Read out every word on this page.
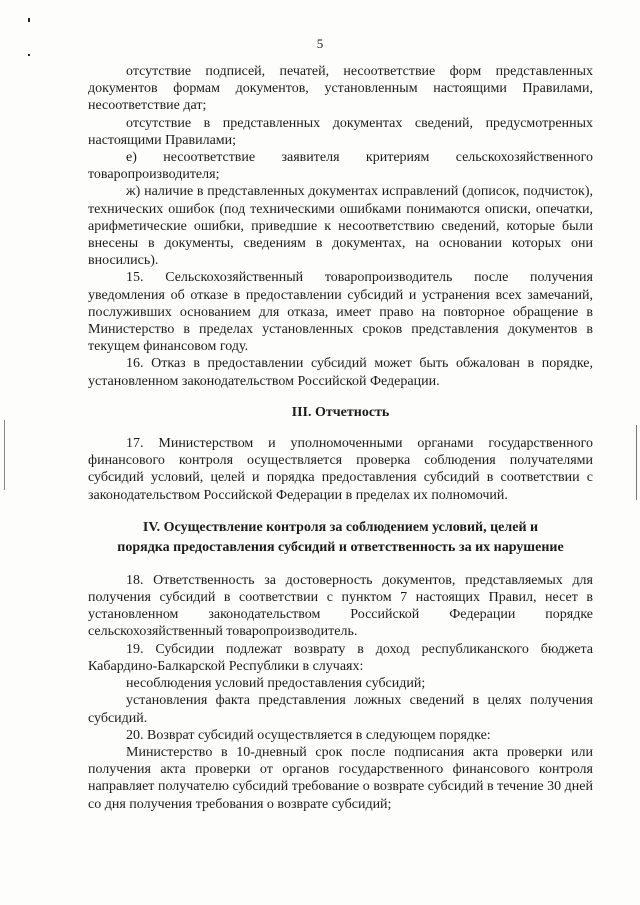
5

отсутствие подписей, печатей, несоответствие форм представленных документов формам документов, установленным настоящими Правилами, несоответствие дат;

отсутствие в представленных документах сведений, предусмотренных настоящими Правилами;

е) несоответствие заявителя критериям сельскохозяйственного товаропроизводителя;

ж) наличие в представленных документах исправлений (дописок, подчисток), технических ошибок (под техническими ошибками понимаются описки, опечатки, арифметические ошибки, приведшие к несоответствию сведений, которые были внесены в документы, сведениям в документах, на основании которых они вносились).

15. Сельскохозяйственный товаропроизводитель после получения уведомления об отказе в предоставлении субсидий и устранения всех замечаний, послуживших основанием для отказа, имеет право на повторное обращение в Министерство в пределах установленных сроков представления документов в текущем финансовом году.

16. Отказ в предоставлении субсидий может быть обжалован в порядке, установленном законодательством Российской Федерации.

III. Отчетность

17. Министерством и уполномоченными органами государственного финансового контроля осуществляется проверка соблюдения получателями субсидий условий, целей и порядка предоставления субсидий в соответствии с законодательством Российской Федерации в пределах их полномочий.

IV. Осуществление контроля за соблюдением условий, целей и
порядка предоставления субсидий и ответственность за их нарушение

18. Ответственность за достоверность документов, представляемых для получения субсидий в соответствии с пунктом 7 настоящих Правил, несет в установленном законодательством Российской Федерации порядке сельскохозяйственный товаропроизводитель.

19. Субсидии подлежат возврату в доход республиканского бюджета Кабардино-Балкарской Республики в случаях:

несоблюдения условий предоставления субсидий;

установления факта представления ложных сведений в целях получения субсидий.

20. Возврат субсидий осуществляется в следующем порядке:

Министерство в 10-дневный срок после подписания акта проверки или получения акта проверки от органов государственного финансового контроля направляет получателю субсидий требование о возврате субсидий в течение 30 дней со дня получения требования о возврате субсидий;
